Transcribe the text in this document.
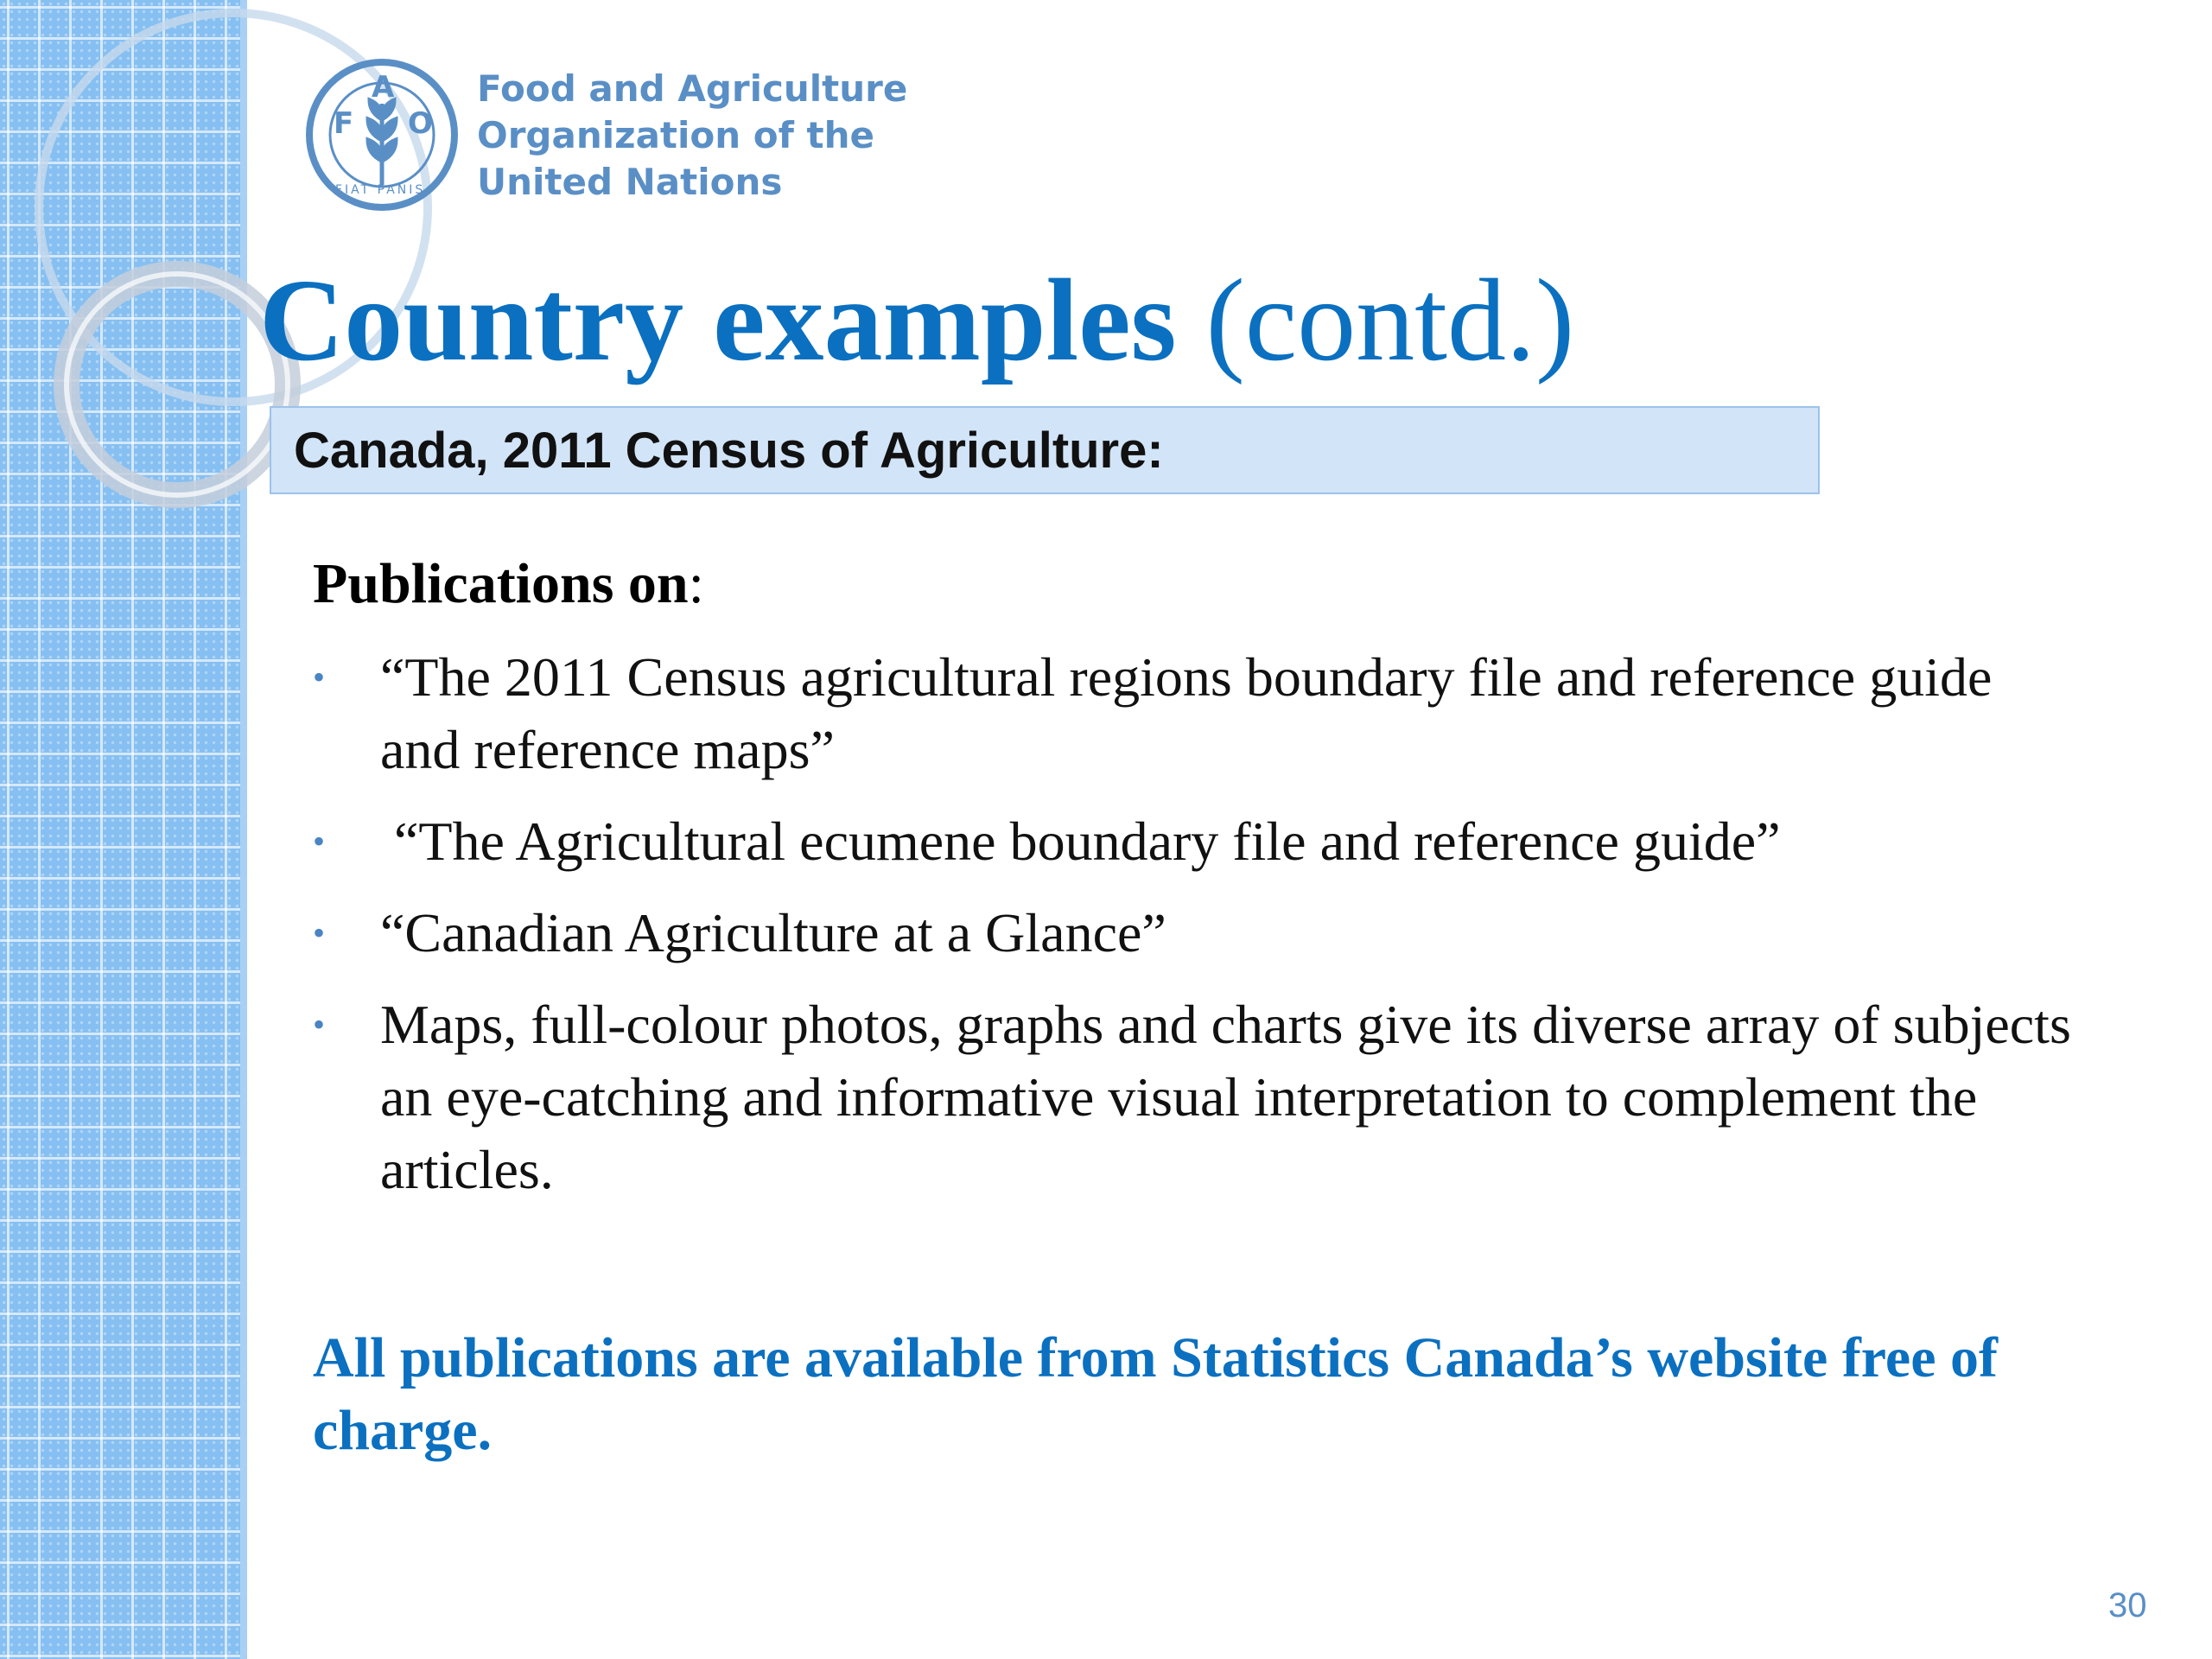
F
A
O
FIAT PANIS
Food and Agriculture
Organization of the
United Nations
Country examples (contd.)
Canada, 2011 Census of Agriculture:
Publications on:
• “The 2011 Census agricultural regions boundary file and reference guide and reference maps”
• “The Agricultural ecumene boundary file and reference guide”
• “Canadian Agriculture at a Glance”
• Maps, full-colour photos, graphs and charts give its diverse array of subjects an eye-catching and informative visual interpretation to complement the articles.
All publications are available from Statistics Canada’s website free of charge.
30
